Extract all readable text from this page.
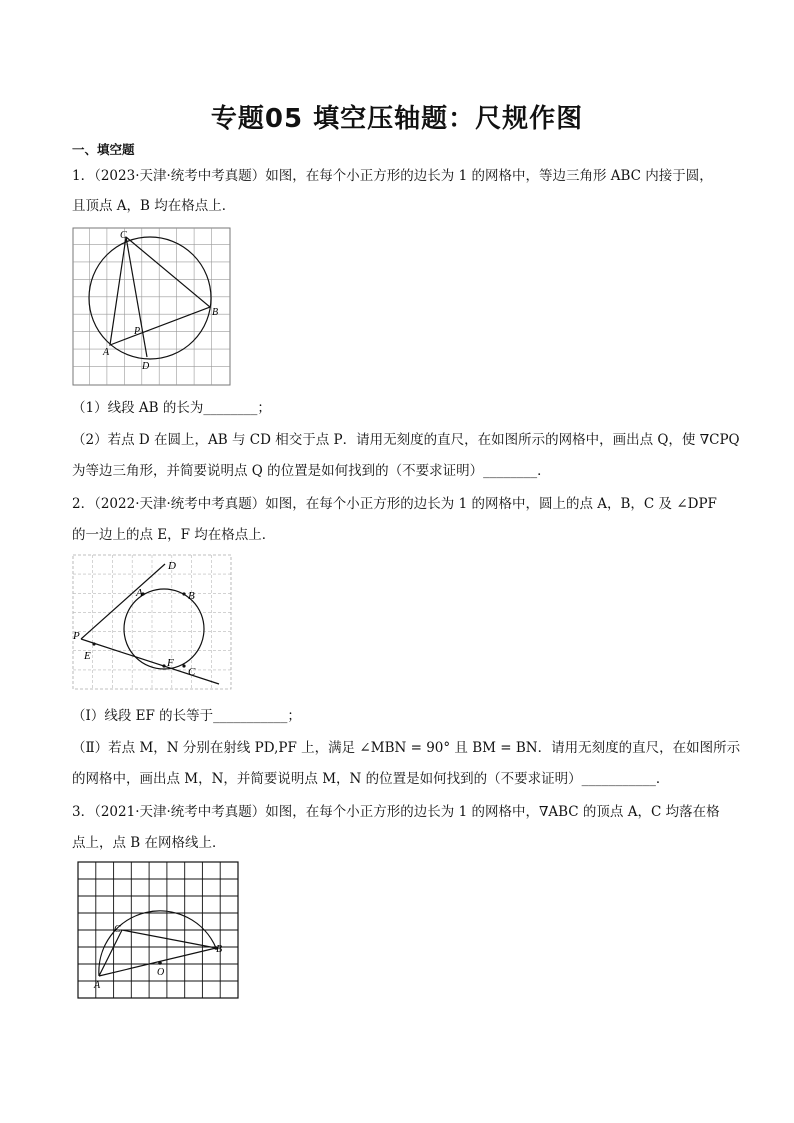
专题05 填空压轴题：尺规作图
一、填空题
1．（2023·天津·统考中考真题）如图，在每个小正方形的边长为 1 的网格中，等边三角形 ABC 内接于圆，
且顶点 A，B 均在格点上．
C
B
A
D
P
（1）线段 AB 的长为________；
（2）若点 D 在圆上，AB 与 CD 相交于点 P．请用无刻度的直尺，在如图所示的网格中，画出点 Q，使 ∇CPQ
为等边三角形，并简要说明点 Q 的位置是如何找到的（不要求证明）________．
2．（2022·天津·统考中考真题）如图，在每个小正方形的边长为 1 的网格中，圆上的点 A，B，C 及 ∠DPF
的一边上的点 E，F 均在格点上．
D
A	B
P
E
F
C
（Ⅰ）线段 EF 的长等于___________；
（Ⅱ）若点 M，N 分别在射线 PD,PF 上，满足 ∠MBN = 90° 且 BM = BN．请用无刻度的直尺，在如图所示
的网格中，画出点 M，N，并简要说明点 M，N 的位置是如何找到的（不要求证明）___________．
3．（2021·天津·统考中考真题）如图，在每个小正方形的边长为 1 的网格中，∇ABC 的顶点 A，C 均落在格
点上，点 B 在网格线上．
A
B
C
O
